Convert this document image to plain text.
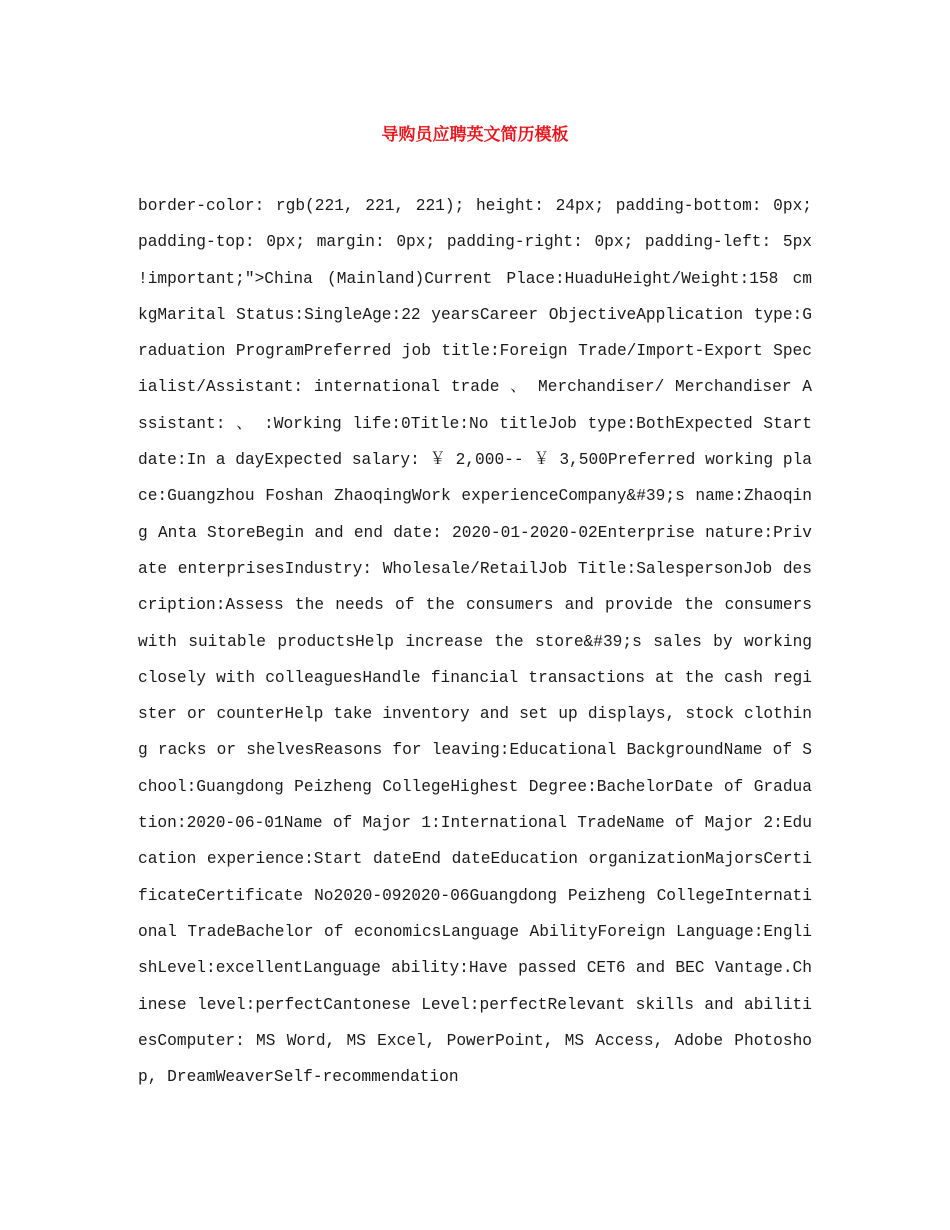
导购员应聘英文简历模板

border-color: rgb(221, 221, 221); height: 24px; padding-bottom: 0px; padding-top: 0px; margin: 0px; padding-right: 0px; padding-left: 5px !important;">China (Mainland)Current Place:HuaduHeight/Weight:158 cm kgMarital Status:SingleAge:22 yearsCareer ObjectiveApplication type:Graduation ProgramPreferred job title:Foreign Trade/Import-Export Specialist/Assistant: international trade 、 Merchandiser/ Merchandiser Assistant: 、 :Working life:0Title:No titleJob type:BothExpected Start date:In a dayExpected salary: ￥ 2,000-- ￥ 3,500Preferred working place:Guangzhou Foshan ZhaoqingWork experienceCompany&#39;s name:Zhaoqing Anta StoreBegin and end date: 2020-01-2020-02Enterprise nature:Private enterprisesIndustry: Wholesale/RetailJob Title:SalespersonJob description:Assess the needs of the consumers and provide the consumers with suitable productsHelp increase the store&#39;s sales by working closely with colleaguesHandle financial transactions at the cash register or counterHelp take inventory and set up displays, stock clothing racks or shelvesReasons for leaving:Educational BackgroundName of School:Guangdong Peizheng CollegeHighest Degree:BachelorDate of Graduation:2020-06-01Name of Major 1:International TradeName of Major 2:Education experience:Start dateEnd dateEducation organizationMajorsCertificateCertificate No2020-092020-06Guangdong Peizheng CollegeInternational TradeBachelor of economicsLanguage AbilityForeign Language:EnglishLevel:excellentLanguage ability:Have passed CET6 and BEC Vantage.Chinese level:perfectCantonese Level:perfectRelevant skills and abilitiesComputer: MS Word, MS Excel, PowerPoint, MS Access, Adobe Photoshop, DreamWeaverSelf-recommendation
